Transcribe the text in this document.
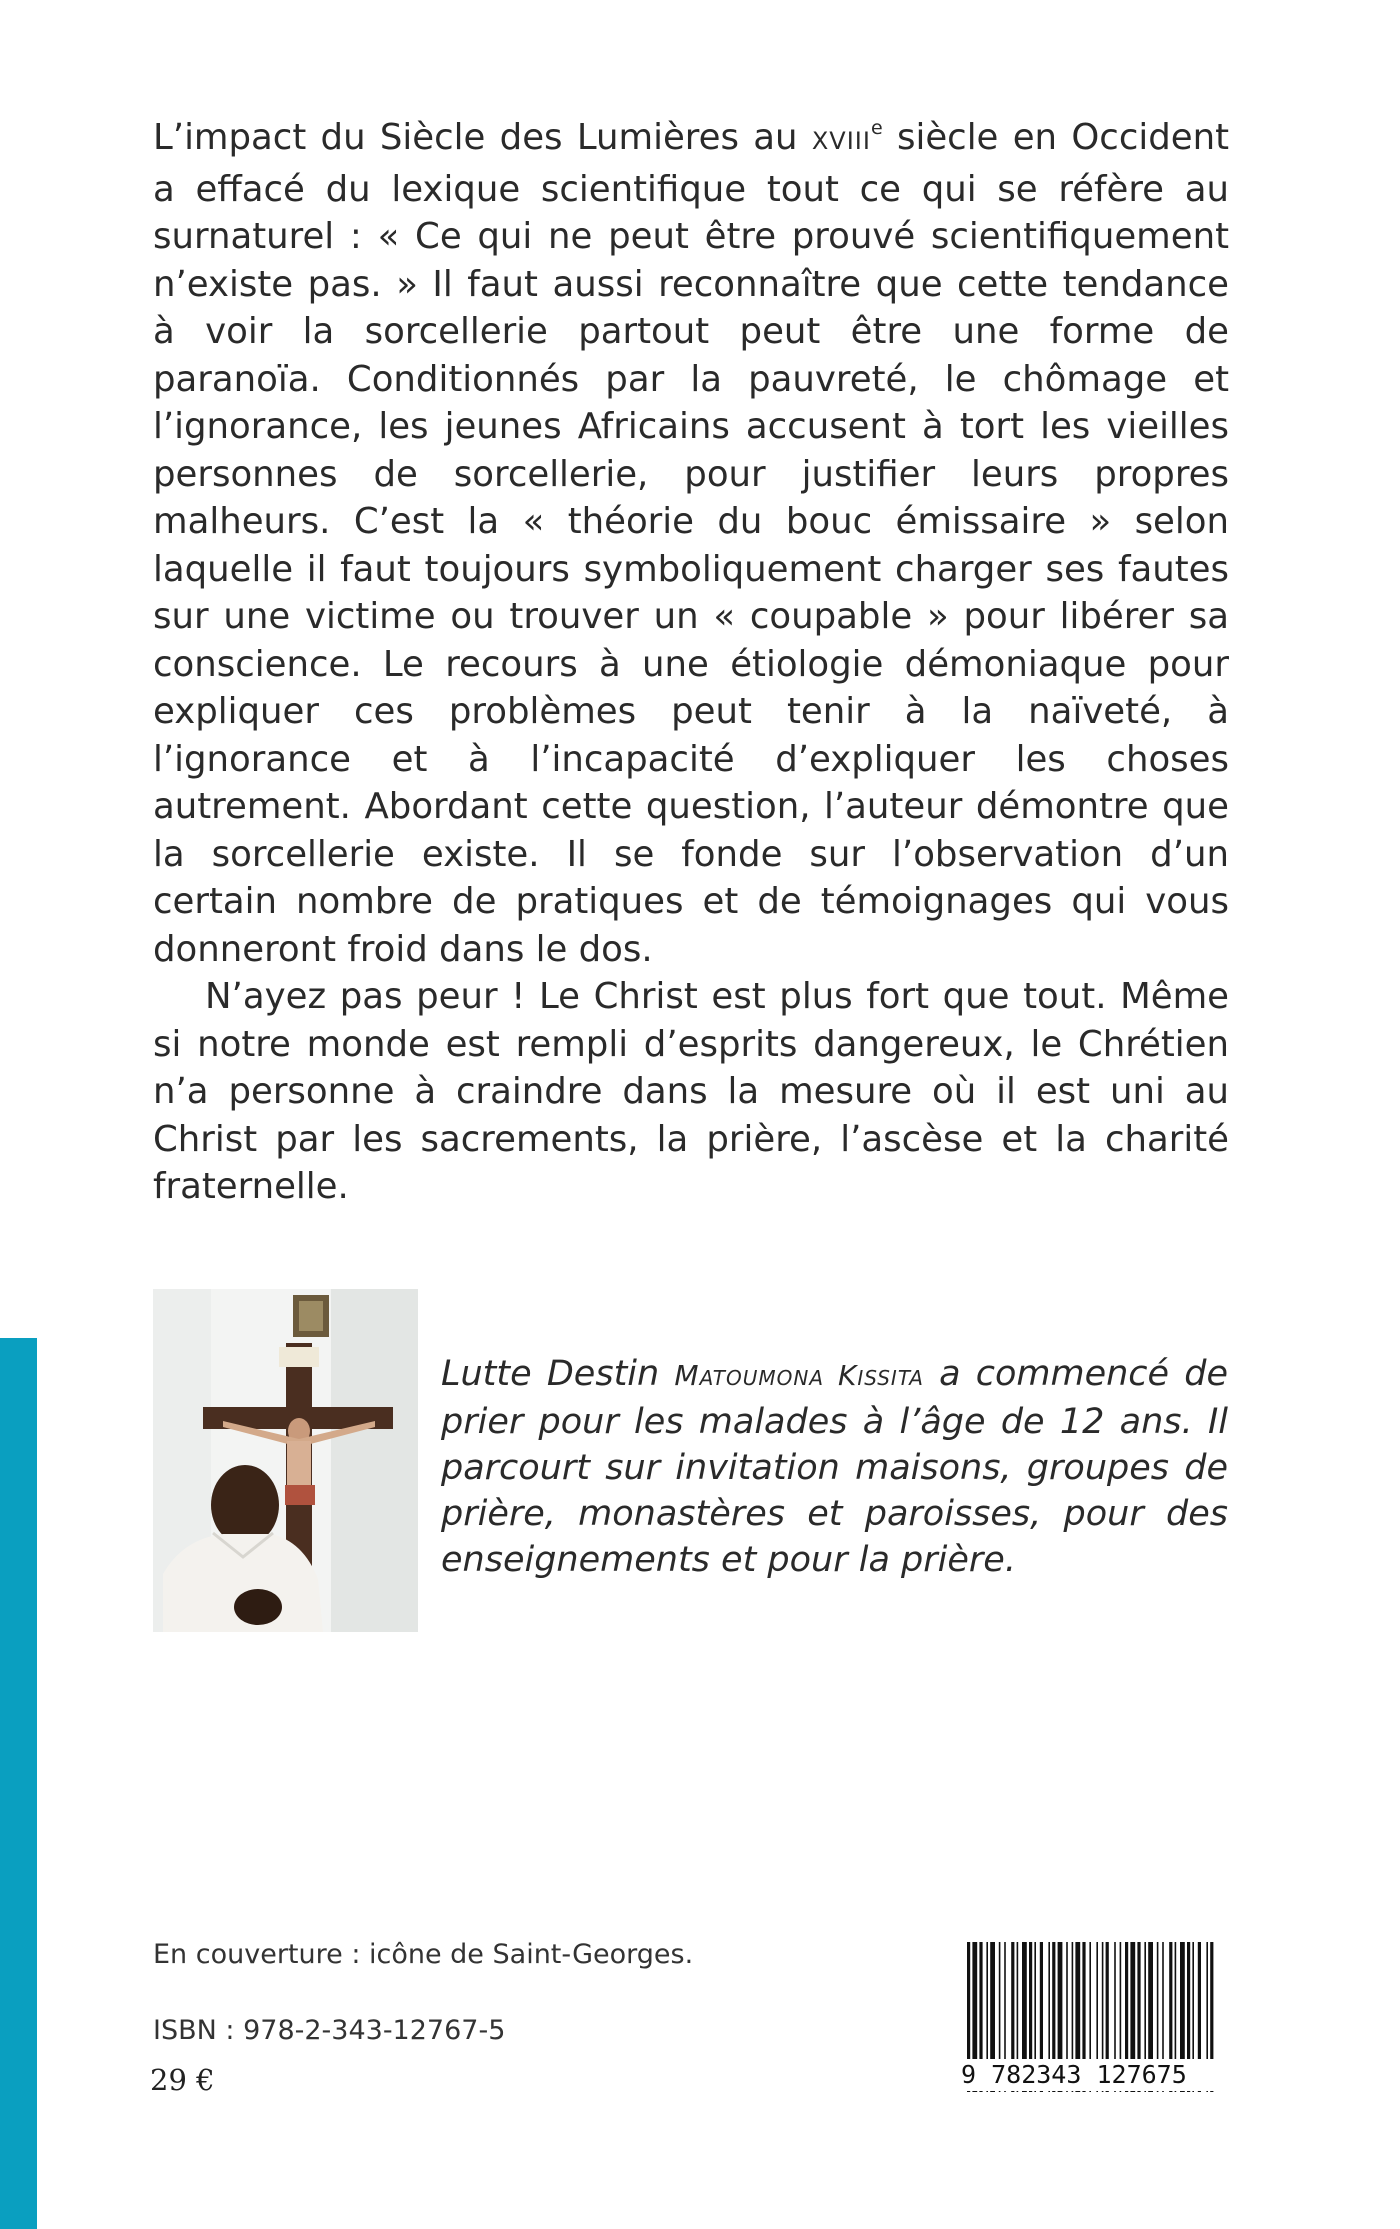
L’impact du Siècle des Lumières au XVIIIe siècle en Occident a effacé du lexique scientifique tout ce qui se réfère au surnaturel : « Ce qui ne peut être prouvé scientifiquement n’existe pas. » Il faut aussi reconnaître que cette tendance à voir la sorcellerie partout peut être une forme de paranoïa. Conditionnés par la pauvreté, le chômage et l’ignorance, les jeunes Africains accusent à tort les vieilles personnes de sorcellerie, pour justifier leurs propres malheurs. C’est la « théorie du bouc émissaire » selon laquelle il faut toujours symboliquement charger ses fautes sur une victime ou trouver un « coupable » pour libérer sa conscience. Le recours à une étiologie démoniaque pour expliquer ces problèmes peut tenir à la naïveté, à l’ignorance et à l’incapacité d’expliquer les choses autrement. Abordant cette question, l’auteur démontre que la sorcellerie existe. Il se fonde sur l’observation d’un certain nombre de pratiques et de témoignages qui vous donneront froid dans le dos.

N’ayez pas peur ! Le Christ est plus fort que tout. Même si notre monde est rempli d’esprits dangereux, le Chrétien n’a personne à craindre dans la mesure où il est uni au Christ par les sacrements, la prière, l’ascèse et la charité fraternelle.

Lutte Destin Matoumona Kissita a commencé de prier pour les malades à l’âge de 12 ans. Il parcourt sur invitation maisons, groupes de prière, monastères et paroisses, pour des enseignements et pour la prière.
En couverture : icône de Saint-Georges.
ISBN : 978-2-343-12767-5
29 €	9 782343 127675
